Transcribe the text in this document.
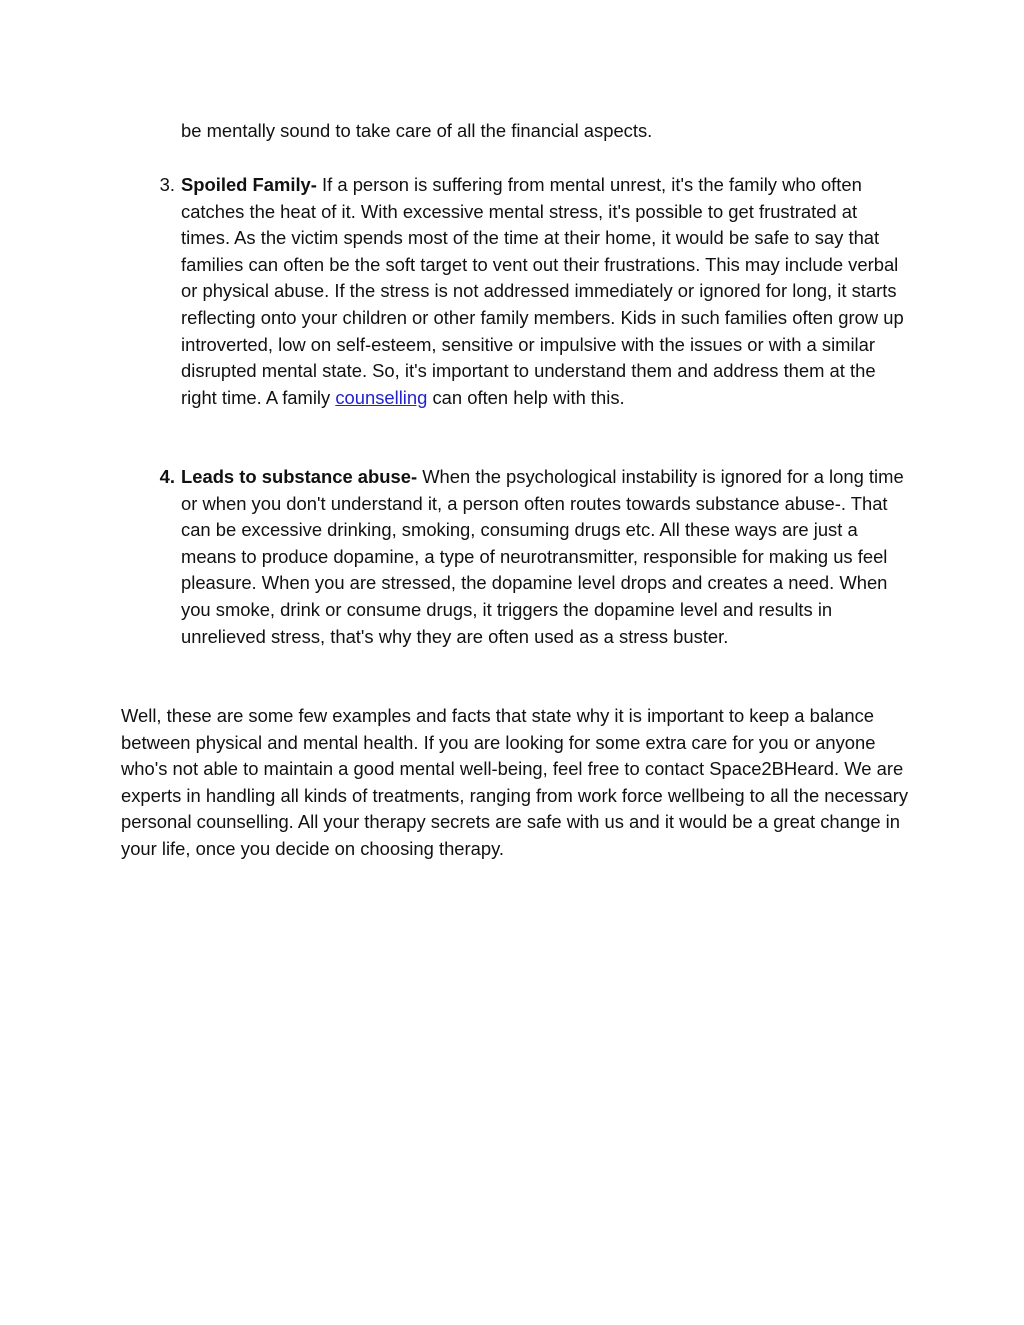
be mentally sound to take care of all the financial aspects.

3. Spoiled Family- If a person is suffering from mental unrest, it's the family who often catches the heat of it. With excessive mental stress, it's possible to get frustrated at times. As the victim spends most of the time at their home, it would be safe to say that families can often be the soft target to vent out their frustrations. This may include verbal or physical abuse. If the stress is not addressed immediately or ignored for long, it starts reflecting onto your children or other family members. Kids in such families often grow up introverted, low on self-esteem, sensitive or impulsive with the issues or with a similar disrupted mental state. So, it's important to understand them and address them at the right time. A family counselling can often help with this.
4. Leads to substance abuse- When the psychological instability is ignored for a long time or when you don't understand it, a person often routes towards substance abuse-. That can be excessive drinking, smoking, consuming drugs etc. All these ways are just a means to produce dopamine, a type of neurotransmitter, responsible for making us feel pleasure. When you are stressed, the dopamine level drops and creates a need. When you smoke, drink or consume drugs, it triggers the dopamine level and results in unrelieved stress, that's why they are often used as a stress buster.

Well, these are some few examples and facts that state why it is important to keep a balance between physical and mental health. If you are looking for some extra care for you or anyone who's not able to maintain a good mental well-being, feel free to contact Space2BHeard. We are experts in handling all kinds of treatments, ranging from work force wellbeing to all the necessary personal counselling. All your therapy secrets are safe with us and it would be a great change in your life, once you decide on choosing therapy.
